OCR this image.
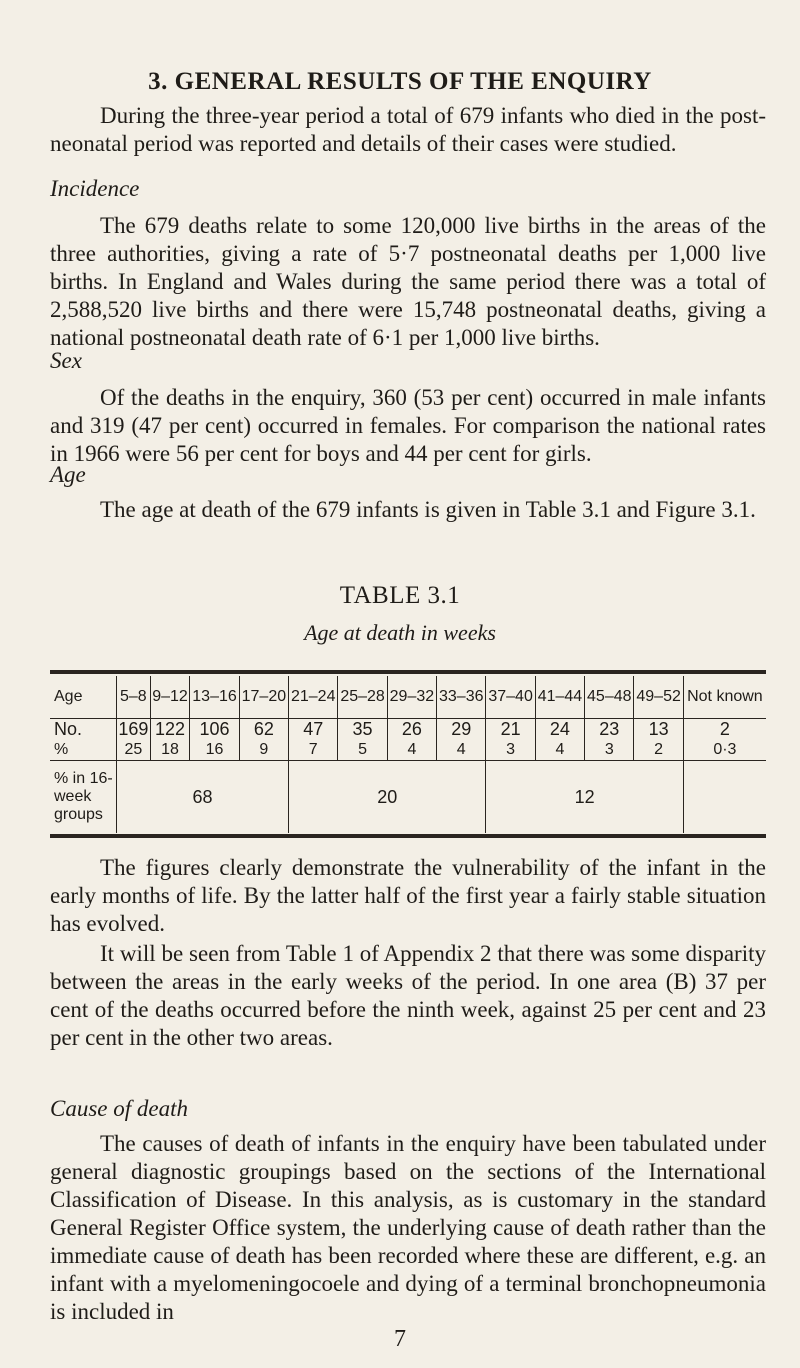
3. GENERAL RESULTS OF THE ENQUIRY

During the three-year period a total of 679 infants who died in the post-neonatal period was reported and details of their cases were studied.

Incidence

The 679 deaths relate to some 120,000 live births in the areas of the three authorities, giving a rate of 5·7 postneonatal deaths per 1,000 live births. In England and Wales during the same period there was a total of 2,588,520 live births and there were 15,748 postneonatal deaths, giving a national postneonatal death rate of 6·1 per 1,000 live births.

Sex

Of the deaths in the enquiry, 360 (53 per cent) occurred in male infants and 319 (47 per cent) occurred in females. For comparison the national rates in 1966 were 56 per cent for boys and 44 per cent for girls.

Age

The age at death of the 679 infants is given in Table 3.1 and Figure 3.1.

TABLE 3.1
Age at death in weeks
Age	5–8	9–12	13–16	17–20	21–24	25–28	29–32	33–36	37–40	41–44	45–48	49–52	Not known
No.	169	122	106	62	47	35	26	29	21	24	23	13	2
%	25	18	16	9	7	5	4	4	3	4	3	2	0·3
% in 16-week groups	68				20				12				

The figures clearly demonstrate the vulnerability of the infant in the early months of life. By the latter half of the first year a fairly stable situation has evolved.

It will be seen from Table 1 of Appendix 2 that there was some disparity between the areas in the early weeks of the period. In one area (B) 37 per cent of the deaths occurred before the ninth week, against 25 per cent and 23 per cent in the other two areas.

Cause of death

The causes of death of infants in the enquiry have been tabulated under general diagnostic groupings based on the sections of the International Classification of Disease. In this analysis, as is customary in the standard General Register Office system, the underlying cause of death rather than the immediate cause of death has been recorded where these are different, e.g. an infant with a myelomeningocoele and dying of a terminal bronchopneumonia is included in

7
